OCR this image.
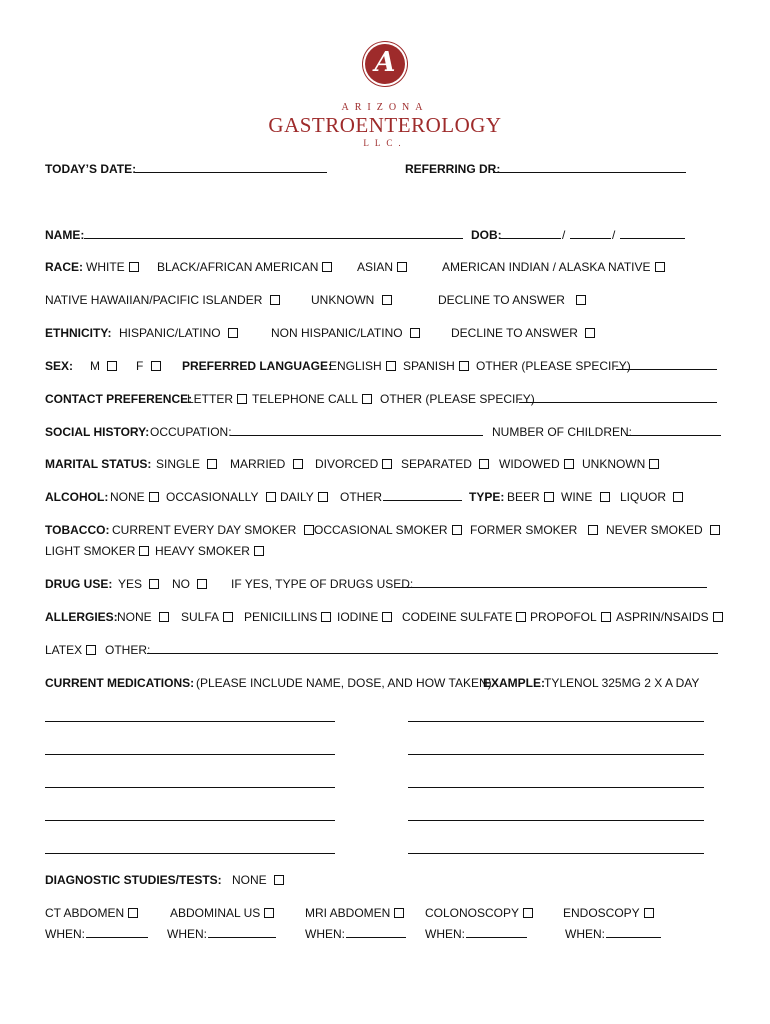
A
ARIZONA
GASTROENTEROLOGY
LLC.
TODAY’S DATE:	REFERRING DR:
NAME:	DOB:	/	/
RACE: WHITE	BLACK/AFRICAN AMERICAN	ASIAN	AMERICAN INDIAN / ALASKA NATIVE
NATIVE HAWAIIAN/PACIFIC ISLANDER	UNKNOWN	DECLINE TO ANSWER
ETHNICITY: HISPANIC/LATINO	NON HISPANIC/LATINO	DECLINE TO ANSWER
SEX: M	F	PREFERRED LANGUAGE:
ENGLISH	SPANISH	OTHER (PLEASE SPECIFY)
CONTACT PREFERENCE:
LETTER	TELEPHONE CALL	OTHER (PLEASE SPECIFY)
SOCIAL HISTORY: OCCUPATION:	NUMBER OF CHILDREN:
MARITAL STATUS: SINGLE	MARRIED	DIVORCED	SEPARATED	WIDOWED	UNKNOWN
ALCOHOL: NONE	OCCASIONALLY	DAILY	OTHER	TYPE: BEER	WINE	LIQUOR
TOBACCO: CURRENT EVERY DAY SMOKER	OCCASIONAL SMOKER	FORMER SMOKER	NEVER SMOKED
LIGHT SMOKER	HEAVY SMOKER
DRUG USE: YES	NO	IF YES, TYPE OF DRUGS USED:
ALLERGIES: NONE	SULFA	PENICILLINS	IODINE	CODEINE SULFATE	PROPOFOL	ASPRIN/NSAIDS
LATEX	OTHER:
CURRENT MEDICATIONS: (PLEASE INCLUDE NAME, DOSE, AND HOW TAKEN)
EXAMPLE:
TYLENOL 325MG 2 X A DAY
DIAGNOSTIC STUDIES/TESTS: NONE
CT ABDOMEN	ABDOMINAL US	MRI ABDOMEN	COLONOSCOPY	ENDOSCOPY
WHEN:	WHEN:	WHEN:	WHEN:	WHEN:
